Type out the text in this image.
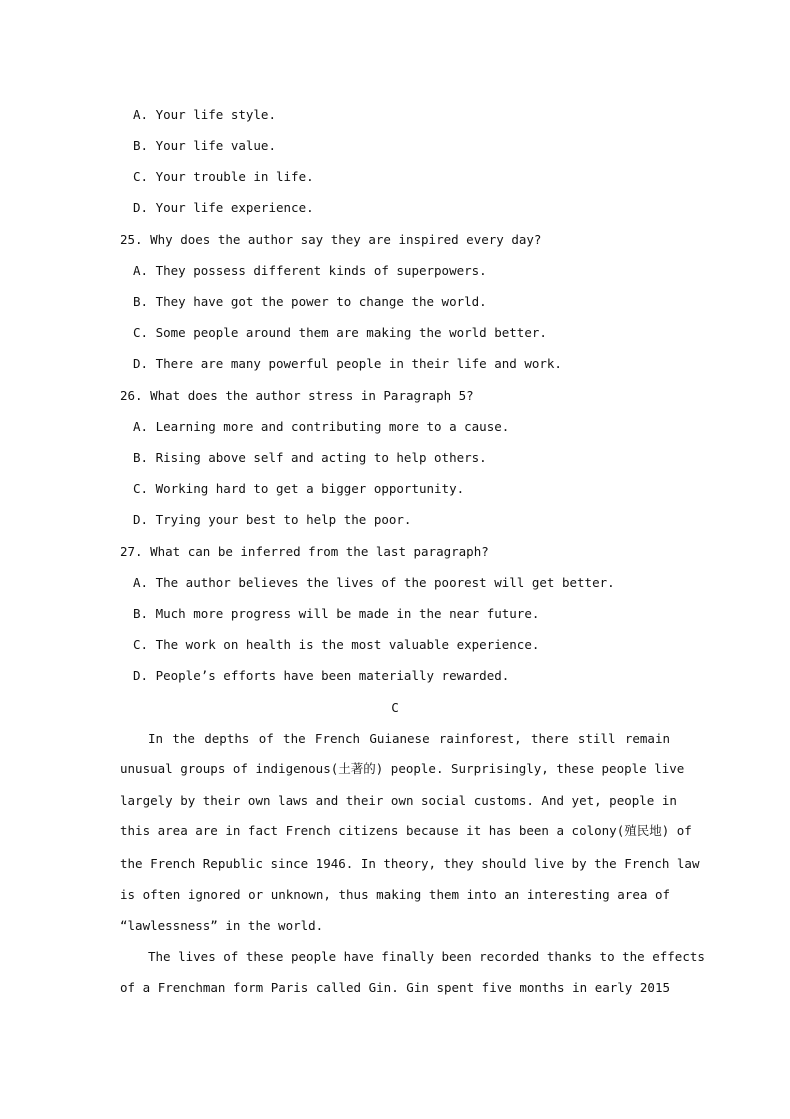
A. Your life style.
B. Your life value.
C. Your trouble in life.
D. Your life experience.
25. Why does the author say they are inspired every day?
A. They possess different kinds of superpowers.
B. They have got the power to change the world.
C. Some people around them are making the world better.
D. There are many powerful people in their life and work.
26. What does the author stress in Paragraph 5?
A. Learning more and contributing more to a cause.
B. Rising above self and acting to help others.
C. Working hard to get a bigger opportunity.
D. Trying your best to help the poor.
27. What can be inferred from the last paragraph?
A. The author believes the lives of the poorest will get better.
B. Much more progress will be made in the near future.
C. The work on health is the most valuable experience.
D. People’s efforts have been materially rewarded.
C
In the depths of the French Guianese rainforest, there still remain
unusual groups of indigenous(土著的) people. Surprisingly, these people live
largely by their own laws and their own social customs. And yet, people in
this area are in fact French citizens because it has been a colony(殖民地) of
the French Republic since 1946. In theory, they should live by the French law
is often ignored or unknown, thus making them into an interesting area of
“lawlessness” in the world.
The lives of these people have finally been recorded thanks to the effects
of a Frenchman form Paris called Gin. Gin spent five months in early 2015
